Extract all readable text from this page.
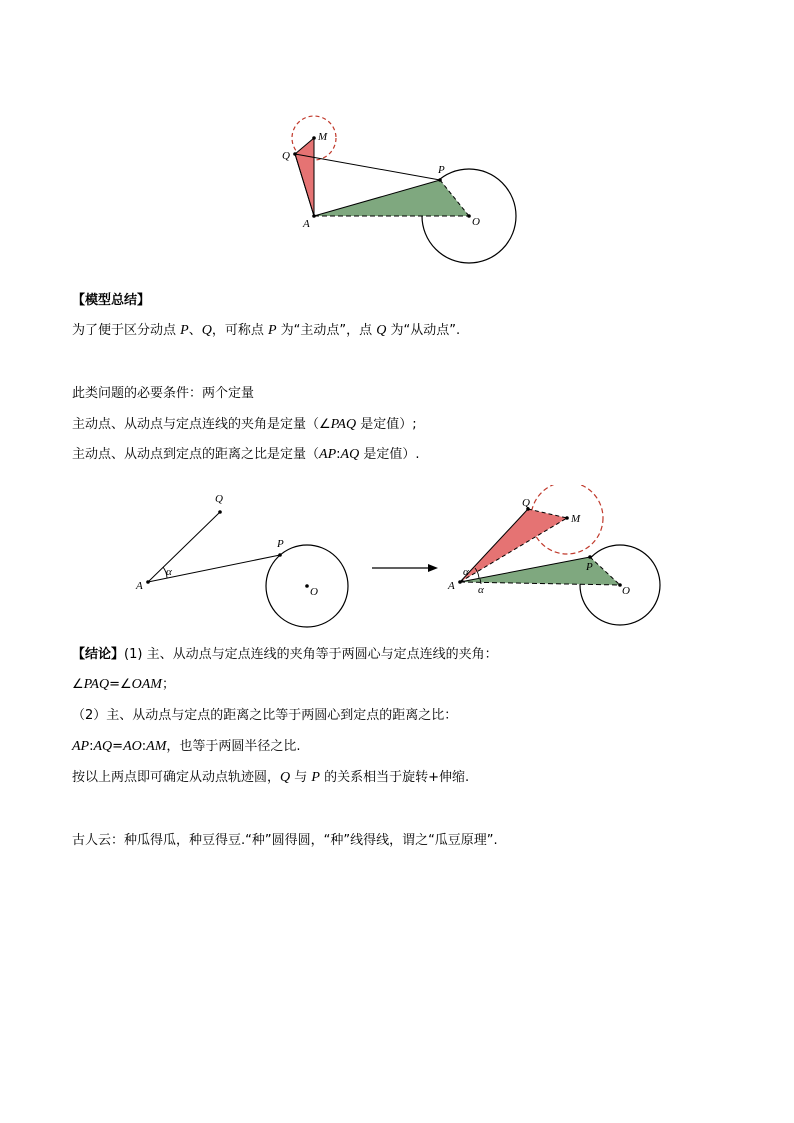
M
Q
P
A	O
【模型总结】
为了便于区分动点 P、Q，可称点 P 为“主动点”，点 Q 为“从动点”.
此类问题的必要条件：两个定量
主动点、从动点与定点连线的夹角是定量（∠PAQ 是定值）;
主动点、从动点到定点的距离之比是定量（AP:AQ 是定值）.
Q
P
A	O
α
Q
M
P
A	O
α
α
【结论】(1) 主、从动点与定点连线的夹角等于两圆心与定点连线的夹角：
∠PAQ=∠OAM；
（2）主、从动点与定点的距离之比等于两圆心到定点的距离之比：
AP:AQ=AO:AM，也等于两圆半径之比.
按以上两点即可确定从动点轨迹圆，Q 与 P 的关系相当于旋转+伸缩.
古人云：种瓜得瓜，种豆得豆.“种”圆得圆，“种”线得线，谓之“瓜豆原理”.
